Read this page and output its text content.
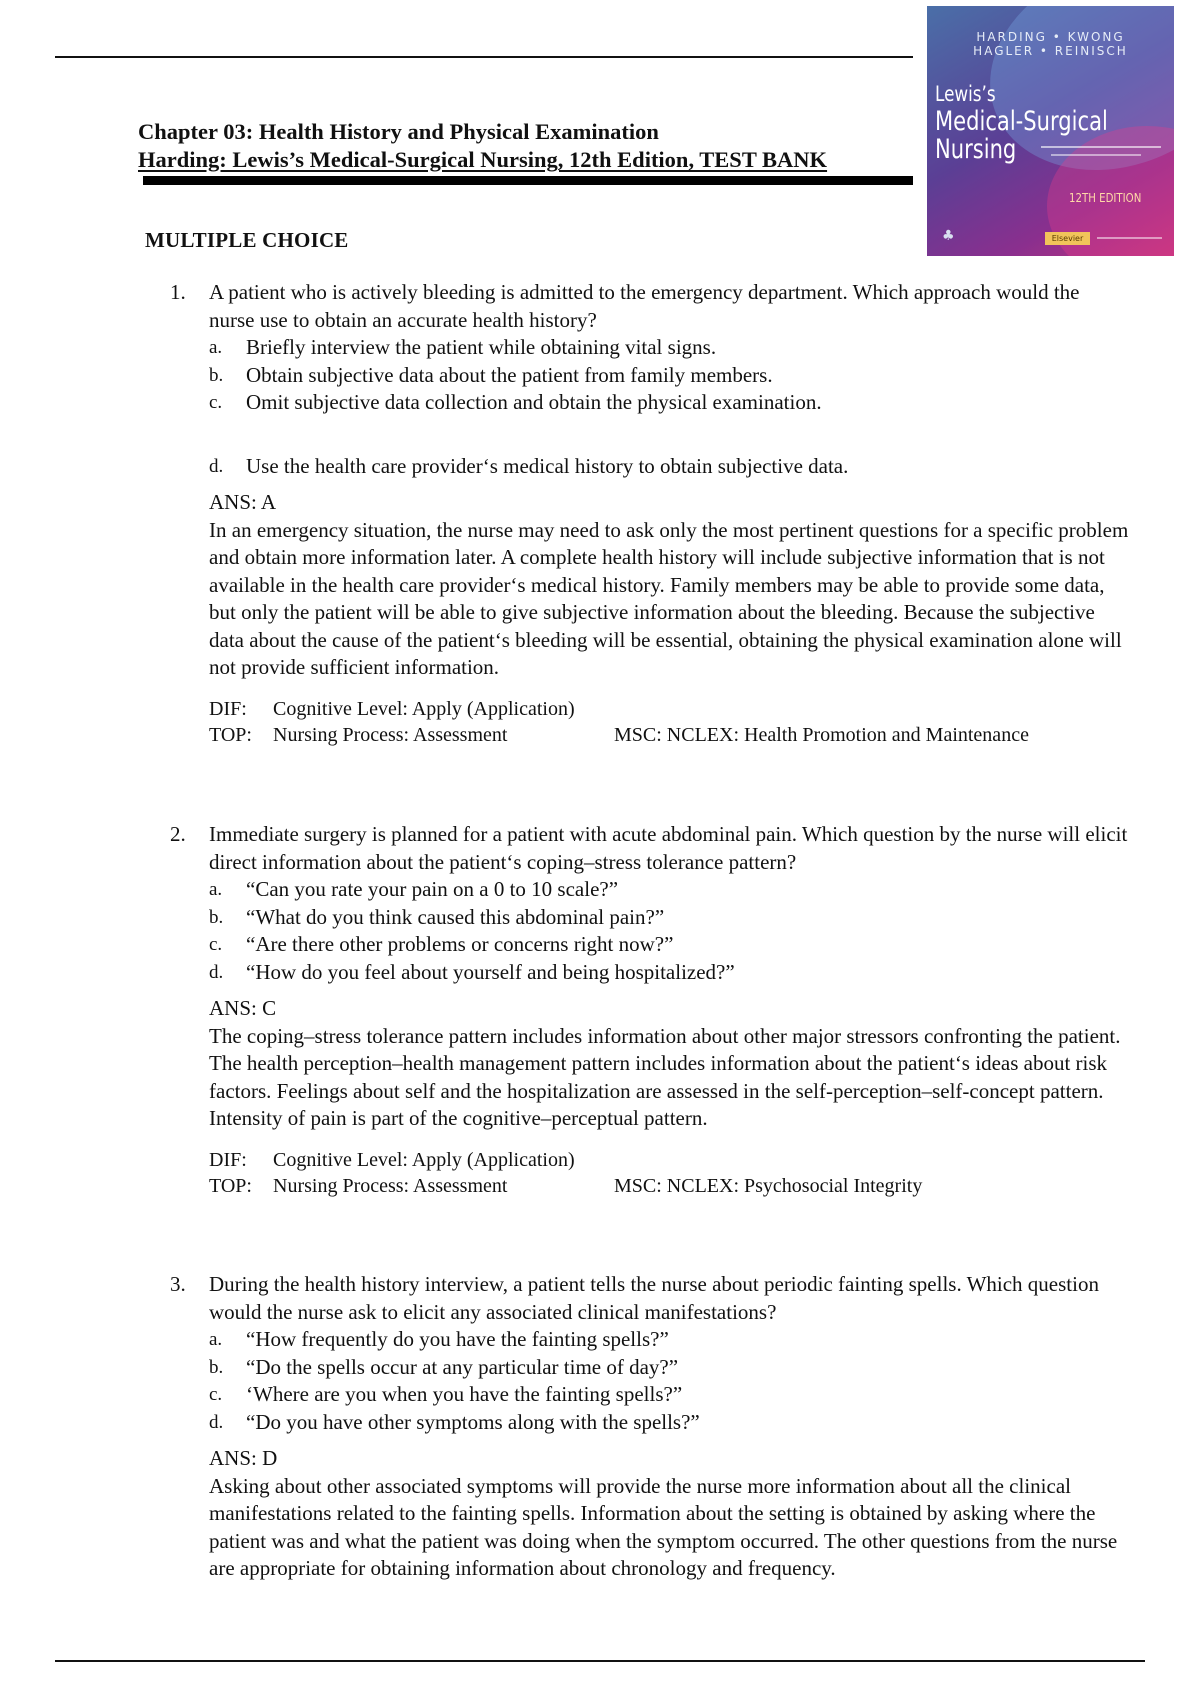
HARDING • KWONG
HAGLER • REINISCH
Lewis’s
Medical-Surgical
Nursing
12TH EDITION
♣	Elsevier
Chapter 03: Health History and Physical Examination
Harding: Lewis’s Medical-Surgical Nursing, 12th Edition, TEST BANK
MULTIPLE CHOICE
1. A patient who is actively bleeding is admitted to the emergency department. Which approach would the nurse use to obtain an accurate health history?
a. Briefly interview the patient while obtaining vital signs.
b. Obtain subjective data about the patient from family members.
c. Omit subjective data collection and obtain the physical examination.
d. Use the health care provider‘s medical history to obtain subjective data.
ANS: A
In an emergency situation, the nurse may need to ask only the most pertinent questions for a specific problem and obtain more information later. A complete health history will include subjective information that is not available in the health care provider‘s medical history. Family members may be able to provide some data, but only the patient will be able to give subjective information about the bleeding. Because the subjective data about the cause of the patient‘s bleeding will be essential, obtaining the physical examination alone will not provide sufficient information.
DIF: Cognitive Level: Apply (Application)
TOP: Nursing Process: Assessment	MSC: NCLEX: Health Promotion and Maintenance
2. Immediate surgery is planned for a patient with acute abdominal pain. Which question by the nurse will elicit direct information about the patient‘s coping–stress tolerance pattern?
a. “Can you rate your pain on a 0 to 10 scale?”
b. “What do you think caused this abdominal pain?”
c. “Are there other problems or concerns right now?”
d. “How do you feel about yourself and being hospitalized?”
ANS: C
The coping–stress tolerance pattern includes information about other major stressors confronting the patient. The health perception–health management pattern includes information about the patient‘s ideas about risk factors. Feelings about self and the hospitalization are assessed in the self-perception–self-concept pattern. Intensity of pain is part of the cognitive–perceptual pattern.
DIF: Cognitive Level: Apply (Application)
TOP: Nursing Process: Assessment	MSC: NCLEX: Psychosocial Integrity
3. During the health history interview, a patient tells the nurse about periodic fainting spells. Which question would the nurse ask to elicit any associated clinical manifestations?
a. “How frequently do you have the fainting spells?”
b. “Do the spells occur at any particular time of day?”
c. ‘Where are you when you have the fainting spells?”
d. “Do you have other symptoms along with the spells?”
ANS: D
Asking about other associated symptoms will provide the nurse more information about all the clinical manifestations related to the fainting spells. Information about the setting is obtained by asking where the patient was and what the patient was doing when the symptom occurred. The other questions from the nurse are appropriate for obtaining information about chronology and frequency.
